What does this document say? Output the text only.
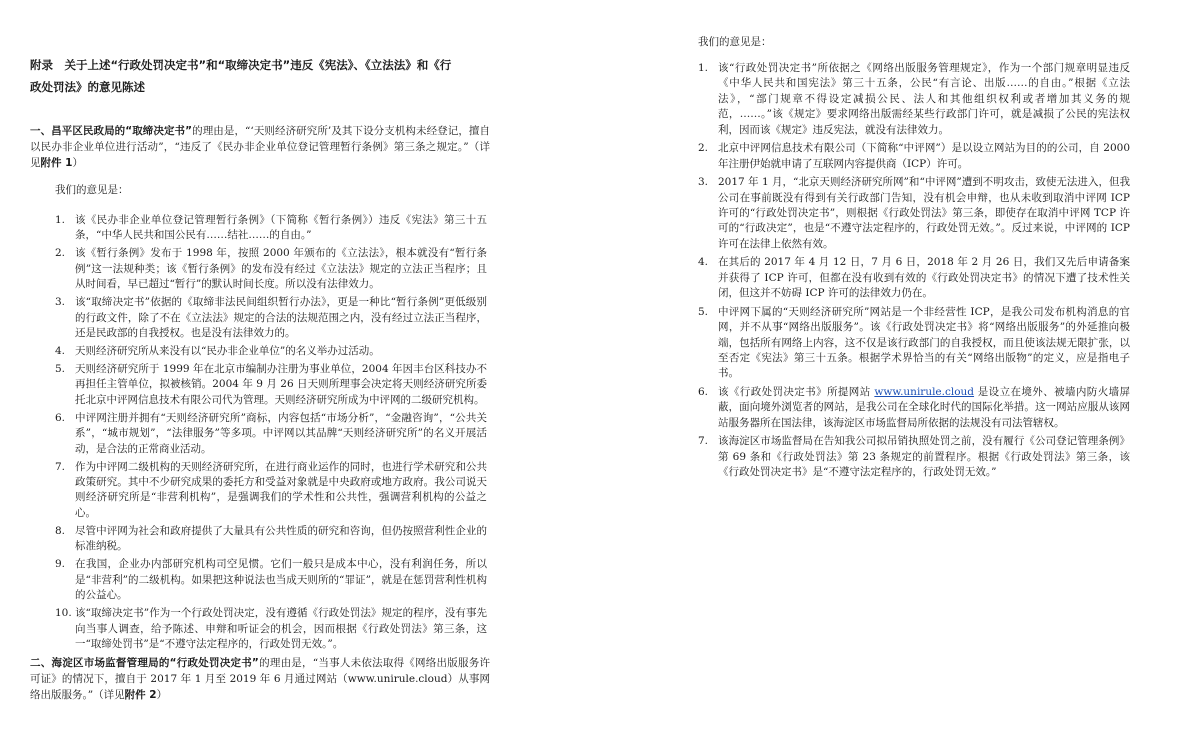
附录　关于上述“行政处罚决定书”和“取缔决定书”违反《宪法》、《立法法》和《行政处罚法》的意见陈述

一、昌平区民政局的“取缔决定书”的理由是，“‘天则经济研究所’及其下设分支机构未经登记，擅自以民办非企业单位进行活动”，“违反了《民办非企业单位登记管理暂行条例》第三条之规定。”（详见附件 1）

我们的意见是：

1. 该《民办非企业单位登记管理暂行条例》（下简称《暂行条例》）违反《宪法》第三十五条，“中华人民共和国公民有……结社……的自由。”
2. 该《暂行条例》发布于 1998 年，按照 2000 年颁布的《立法法》，根本就没有“暂行条例”这一法规种类；该《暂行条例》的发布没有经过《立法法》规定的立法正当程序；且从时间看，早已超过“暂行”的默认时间长度。所以没有法律效力。
3. 该“取缔决定书”依据的《取缔非法民间组织暂行办法》，更是一种比“暂行条例”更低级别的行政文件，除了不在《立法法》规定的合法的法规范围之内，没有经过立法正当程序，还是民政部的自我授权。也是没有法律效力的。
4. 天则经济研究所从来没有以“民办非企业单位”的名义举办过活动。
5. 天则经济研究所于 1999 年在北京市编制办注册为事业单位，2004 年因丰台区科技办不再担任主管单位，拟被核销。2004 年 9 月 26 日天则所理事会决定将天则经济研究所委托北京中评网信息技术有限公司代为管理。天则经济研究所成为中评网的二级研究机构。
6. 中评网注册并拥有“天则经济研究所”商标，内容包括“市场分析”，“金融咨询”，“公共关系”，“城市规划”，“法律服务”等多项。中评网以其品牌“天则经济研究所”的名义开展活动，是合法的正常商业活动。
7. 作为中评网二级机构的天则经济研究所，在进行商业运作的同时，也进行学术研究和公共政策研究。其中不少研究成果的委托方和受益对象就是中央政府或地方政府。我公司说天则经济研究所是“非营利机构”，是强调我们的学术性和公共性，强调营利机构的公益之心。
8. 尽管中评网为社会和政府提供了大量具有公共性质的研究和咨询，但仍按照营利性企业的标准纳税。
9. 在我国，企业办内部研究机构司空见惯。它们一般只是成本中心，没有利润任务，所以是“非营利”的二级机构。如果把这种说法也当成天则所的“罪证”，就是在惩罚营利性机构的公益心。
10. 该“取缔决定书”作为一个行政处罚决定，没有遵循《行政处罚法》规定的程序，没有事先向当事人调查，给予陈述、申辩和听证会的机会，因而根据《行政处罚法》第三条，这一“取缔处罚书”是“不遵守法定程序的，行政处罚无效。”。

二、海淀区市场监督管理局的“行政处罚决定书”的理由是，“当事人未依法取得《网络出版服务许可证》的情况下，擅自于 2017 年 1 月至 2019 年 6 月通过网站（www.unirule.cloud）从事网络出版服务。”（详见附件 2）

我们的意见是：

1. 该“行政处罚决定书”所依据之《网络出版服务管理规定》，作为一个部门规章明显违反《中华人民共和国宪法》第三十五条，公民“有言论、出版……的自由。”根据《立法法》，“部门规章不得设定减损公民、法人和其他组织权利或者增加其义务的规范，……。”该《规定》要求网络出版需经某些行政部门许可，就是减损了公民的宪法权利，因而该《规定》违反宪法，就没有法律效力。
2. 北京中评网信息技术有限公司（下简称“中评网”）是以设立网站为目的的公司，自 2000 年注册伊始就申请了互联网内容提供商（ICP）许可。
3. 2017 年 1 月，“北京天则经济研究所网”和“中评网”遭到不明攻击，致使无法进入，但我公司在事前既没有得到有关行政部门告知，没有机会申辩，也从未收到取消中评网 ICP 许可的“行政处罚决定书”，则根据《行政处罚法》第三条，即使存在取消中评网 TCP 许可的“行政决定”，也是“不遵守法定程序的，行政处罚无效。”。反过来说，中评网的 ICP 许可在法律上依然有效。
4. 在其后的 2017 年 4 月 12 日，7 月 6 日，2018 年 2 月 26 日，我们又先后申请备案并获得了 ICP 许可，但都在没有收到有效的《行政处罚决定书》的情况下遭了技术性关闭，但这并不妨碍 ICP 许可的法律效力仍在。
5. 中评网下属的“天则经济研究所”网站是一个非经营性 ICP，是我公司发布机构消息的官网，并不从事“网络出版服务”。该《行政处罚决定书》将“网络出版服务”的外延推向极端，包括所有网络上内容，这不仅是该行政部门的自我授权，而且使该法规无限扩张，以至否定《宪法》第三十五条。根据学术界恰当的有关“网络出版物”的定义，应是指电子书。
6. 该《行政处罚决定书》所提网站 www.unirule.cloud 是设立在境外、被墙内防火墙屏蔽，面向境外浏览者的网站，是我公司在全球化时代的国际化举措。这一网站应服从该网站服务器所在国法律，该海淀区市场监督局所依据的法规没有司法管辖权。
7. 该海淀区市场监督局在告知我公司拟吊销执照处罚之前，没有履行《公司登记管理条例》第 69 条和《行政处罚法》第 23 条规定的前置程序。根据《行政处罚法》第三条，该《行政处罚决定书》是“不遵守法定程序的，行政处罚无效。”
